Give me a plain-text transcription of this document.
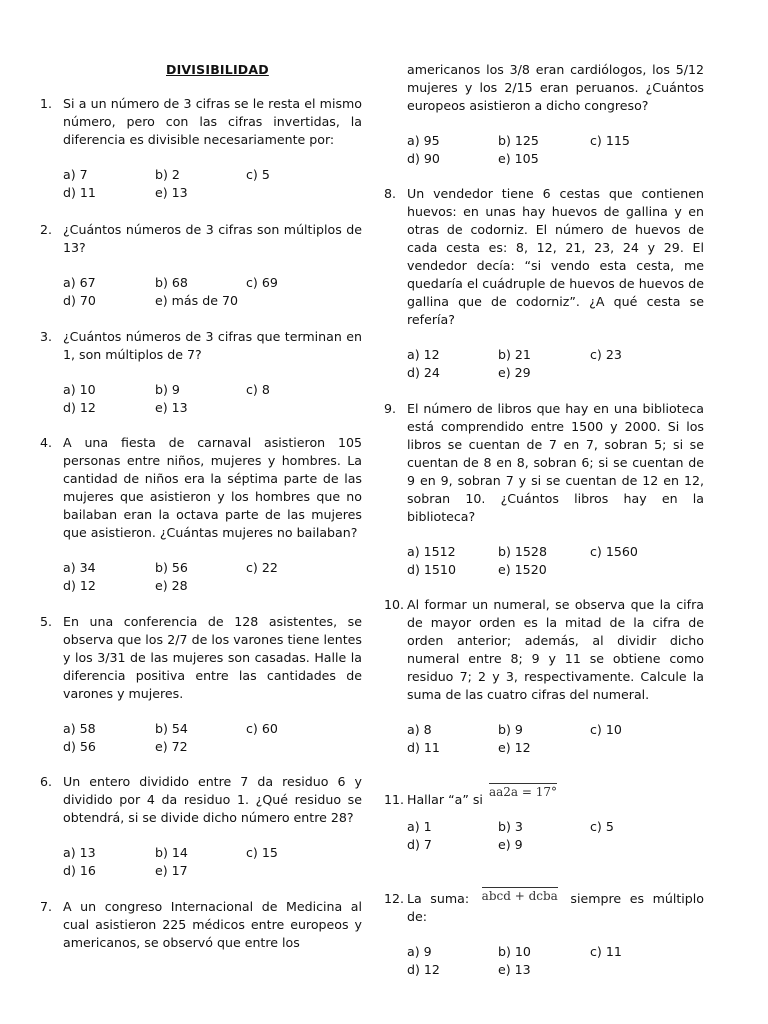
DIVISIBILIDAD
1. Si a un número de 3 cifras se le resta el mismo número, pero con las cifras invertidas, la diferencia es divisible necesariamente por:
a) 7	b) 2	c) 5
d) 11	e) 13
2. ¿Cuántos números de 3 cifras son múltiplos de 13?
a) 67	b) 68	c) 69
d) 70	e) más de 70
3. ¿Cuántos números de 3 cifras que terminan en 1, son múltiplos de 7?
a) 10	b) 9	c) 8
d) 12	e) 13
4. A una fiesta de carnaval asistieron 105 personas entre niños, mujeres y hombres. La cantidad de niños era la séptima parte de las mujeres que asistieron y los hombres que no bailaban eran la octava parte de las mujeres que asistieron. ¿Cuántas mujeres no bailaban?
a) 34	b) 56	c) 22
d) 12	e) 28
5. En una conferencia de 128 asistentes, se observa que los 2/7 de los varones tiene lentes y los 3/31 de las mujeres son casadas. Halle la diferencia positiva entre las cantidades de varones y mujeres.
a) 58	b) 54	c) 60
d) 56	e) 72
6. Un entero dividido entre 7 da residuo 6 y dividido por 4 da residuo 1. ¿Qué residuo se obtendrá, si se divide dicho número entre 28?
a) 13	b) 14	c) 15
d) 16	e) 17
7. A un congreso Internacional de Medicina al cual asistieron 225 médicos entre europeos y americanos, se observó que entre los
americanos los 3/8 eran cardiólogos, los 5/12 mujeres y los 2/15 eran peruanos. ¿Cuántos europeos asistieron a dicho congreso?
a) 95	b) 125	c) 115
d) 90	e) 105
8. Un vendedor tiene 6 cestas que contienen huevos: en unas hay huevos de gallina y en otras de codorniz. El número de huevos de cada cesta es: 8, 12, 21, 23, 24 y 29. El vendedor decía: “si vendo esta cesta, me quedaría el cuádruple de huevos de huevos de gallina que de codorniz”. ¿A qué cesta se refería?
a) 12	b) 21	c) 23
d) 24	e) 29
9. El número de libros que hay en una biblioteca está comprendido entre 1500 y 2000. Si los libros se cuentan de 7 en 7, sobran 5; si se cuentan de 8 en 8, sobran 6; si se cuentan de 9 en 9, sobran 7 y si se cuentan de 12 en 12, sobran 10. ¿Cuántos libros hay en la biblioteca?
a) 1512	b) 1528	c) 1560
d) 1510	e) 1520
10. Al formar un numeral, se observa que la cifra de mayor orden es la mitad de la cifra de orden anterior; además, al dividir dicho numeral entre 8; 9 y 11 se obtiene como residuo 7; 2 y 3, respectivamente. Calcule la suma de las cuatro cifras del numeral.
a) 8	b) 9	c) 10
d) 11	e) 12
11. Hallar “a” si aa2a = 17°
a) 1	b) 3	c) 5
d) 7	e) 9
12. La suma: abcd + dcba siempre es múltiplo de:
a) 9	b) 10	c) 11
d) 12	e) 13
